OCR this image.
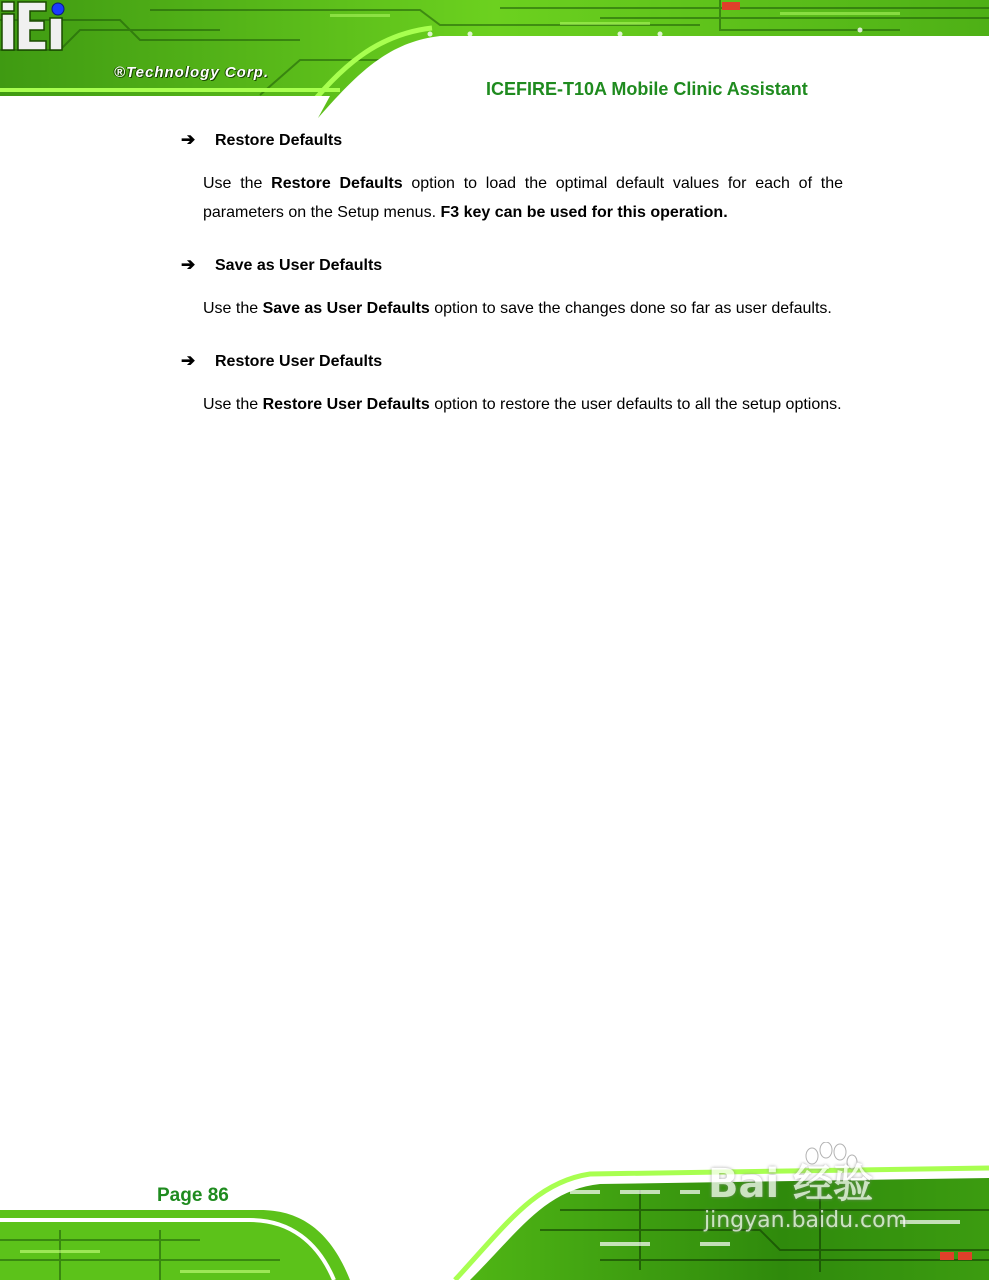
®Technology Corp.
ICEFIRE-T10A Mobile Clinic Assistant
➔ Restore Defaults
Use the Restore Defaults option to load the optimal default values for each of the parameters on the Setup menus. F3 key can be used for this operation.
➔ Save as User Defaults
Use the Save as User Defaults option to save the changes done so far as user defaults.
➔ Restore User Defaults
Use the Restore User Defaults option to restore the user defaults to all the setup options.
Page 86	Bai 经验
jingyan.baidu.com
